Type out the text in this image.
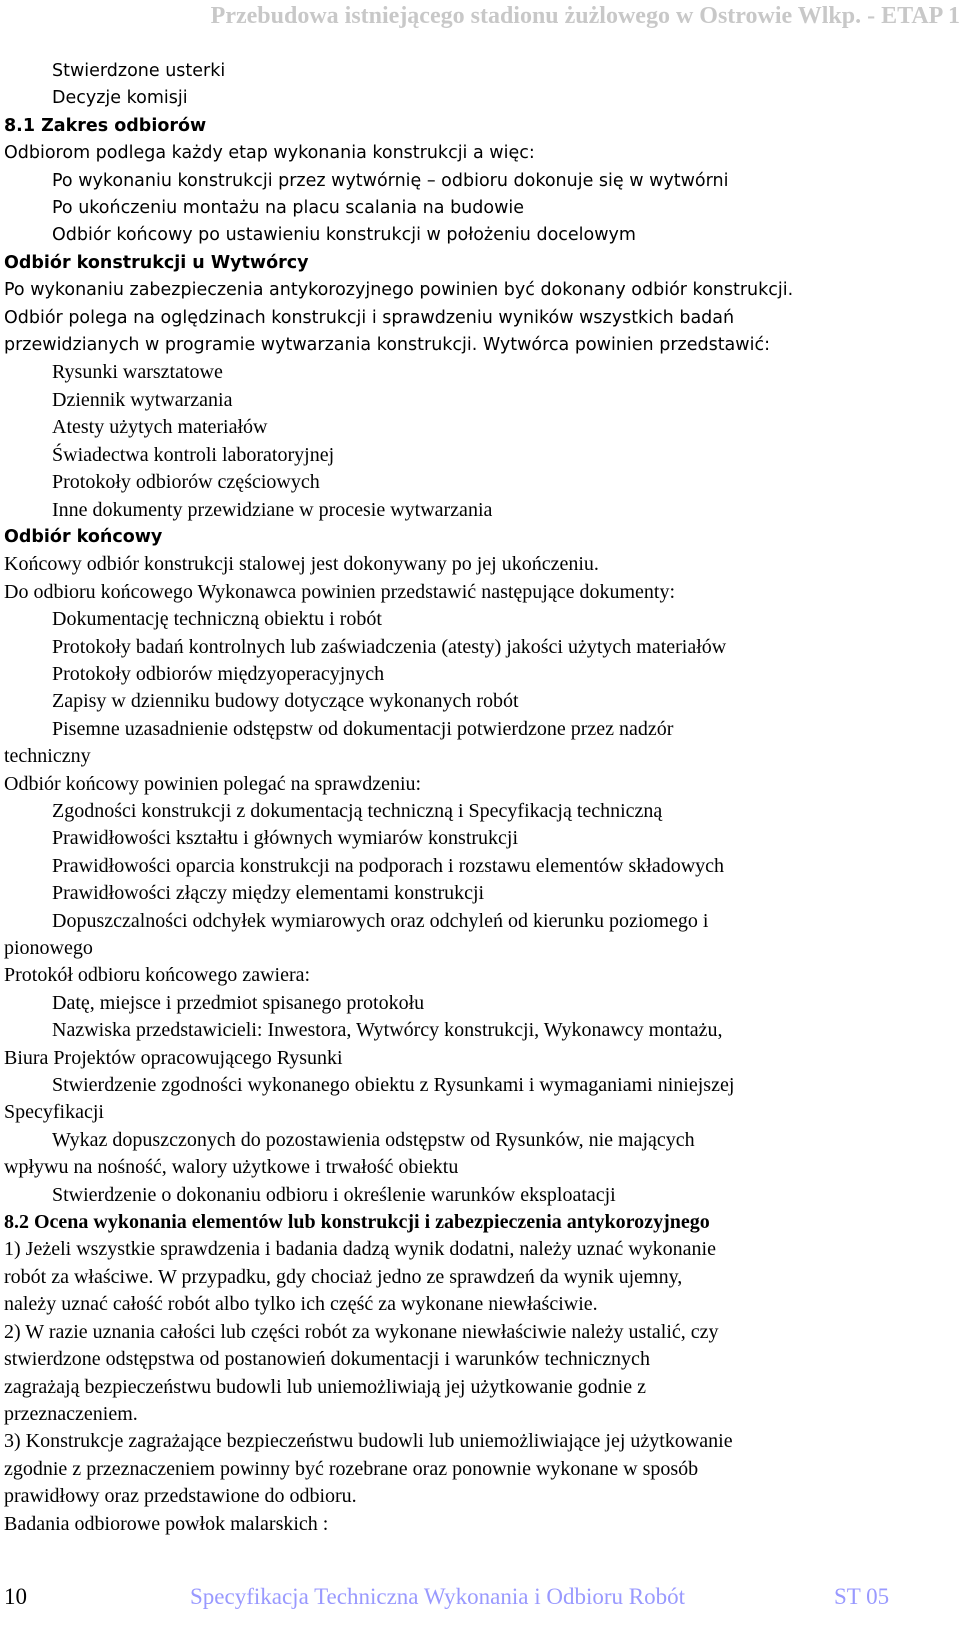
Przebudowa istniejącego stadionu żużlowego w Ostrowie Wlkp. - ETAP 1
Stwierdzone usterki
Decyzje komisji
8.1 Zakres odbiorów
Odbiorom podlega każdy etap wykonania konstrukcji a więc:
Po wykonaniu konstrukcji przez wytwórnię – odbioru dokonuje się w wytwórni
Po ukończeniu montażu na placu scalania na budowie
Odbiór końcowy po ustawieniu konstrukcji w położeniu docelowym
Odbiór konstrukcji u Wytwórcy
Po wykonaniu zabezpieczenia antykorozyjnego powinien być dokonany odbiór konstrukcji.
Odbiór polega na oględzinach konstrukcji i sprawdzeniu wyników wszystkich badań
przewidzianych w programie wytwarzania konstrukcji. Wytwórca powinien przedstawić:
Rysunki warsztatowe
Dziennik wytwarzania
Atesty użytych materiałów
Świadectwa kontroli laboratoryjnej
Protokoły odbiorów częściowych
Inne dokumenty przewidziane w procesie wytwarzania
Odbiór końcowy
Końcowy odbiór konstrukcji stalowej jest dokonywany po jej ukończeniu.
Do odbioru końcowego Wykonawca powinien przedstawić następujące dokumenty:
Dokumentację techniczną obiektu i robót
Protokoły badań kontrolnych lub zaświadczenia (atesty) jakości użytych materiałów
Protokoły odbiorów międzyoperacyjnych
Zapisy w dzienniku budowy dotyczące wykonanych robót
Pisemne uzasadnienie odstępstw od dokumentacji potwierdzone przez nadzór
techniczny
Odbiór końcowy powinien polegać na sprawdzeniu:
Zgodności konstrukcji z dokumentacją techniczną i Specyfikacją techniczną
Prawidłowości kształtu i głównych wymiarów konstrukcji
Prawidłowości oparcia konstrukcji na podporach i rozstawu elementów składowych
Prawidłowości złączy między elementami konstrukcji
Dopuszczalności odchyłek wymiarowych oraz odchyleń od kierunku poziomego i
pionowego
Protokół odbioru końcowego zawiera:
Datę, miejsce i przedmiot spisanego protokołu
Nazwiska przedstawicieli: Inwestora, Wytwórcy konstrukcji, Wykonawcy montażu,
Biura Projektów opracowującego Rysunki
Stwierdzenie zgodności wykonanego obiektu z Rysunkami i wymaganiami niniejszej
Specyfikacji
Wykaz dopuszczonych do pozostawienia odstępstw od Rysunków, nie mających
wpływu na nośność, walory użytkowe i trwałość obiektu
Stwierdzenie o dokonaniu odbioru i określenie warunków eksploatacji
8.2 Ocena wykonania elementów lub konstrukcji i zabezpieczenia antykorozyjnego
1) Jeżeli wszystkie sprawdzenia i badania dadzą wynik dodatni, należy uznać wykonanie
robót za właściwe. W przypadku, gdy chociaż jedno ze sprawdzeń da wynik ujemny,
należy uznać całość robót albo tylko ich część za wykonane niewłaściwie.
2) W razie uznania całości lub części robót za wykonane niewłaściwie należy ustalić, czy
stwierdzone odstępstwa od postanowień dokumentacji i warunków technicznych
zagrażają bezpieczeństwu budowli lub uniemożliwiają jej użytkowanie godnie z
przeznaczeniem.
3) Konstrukcje zagrażające bezpieczeństwu budowli lub uniemożliwiające jej użytkowanie
zgodnie z przeznaczeniem powinny być rozebrane oraz ponownie wykonane w sposób
prawidłowy oraz przedstawione do odbioru.
Badania odbiorowe powłok malarskich :
10	Specyfikacja Techniczna Wykonania i Odbioru Robót	ST 05
